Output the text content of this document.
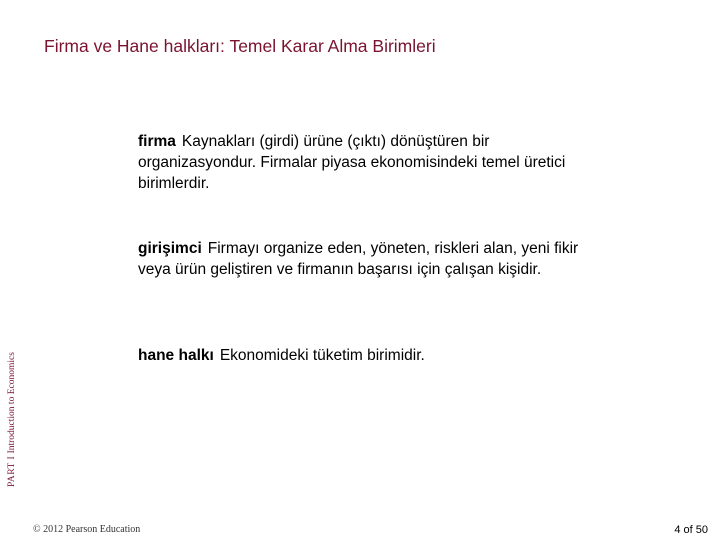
Firma ve Hane halkları: Temel Karar Alma Birimleri

firma Kaynakları (girdi) ürüne (çıktı) dönüştüren bir organizasyondur. Firmalar piyasa ekonomisindeki temel üretici birimlerdir.

girişimci Firmayı organize eden, yöneten, riskleri alan, yeni fikir veya ürün geliştiren ve firmanın başarısı için çalışan kişidir.

hane halkı Ekonomideki tüketim birimidir.

PART I Introduction to Economics
© 2012 Pearson Education	4 of 50
